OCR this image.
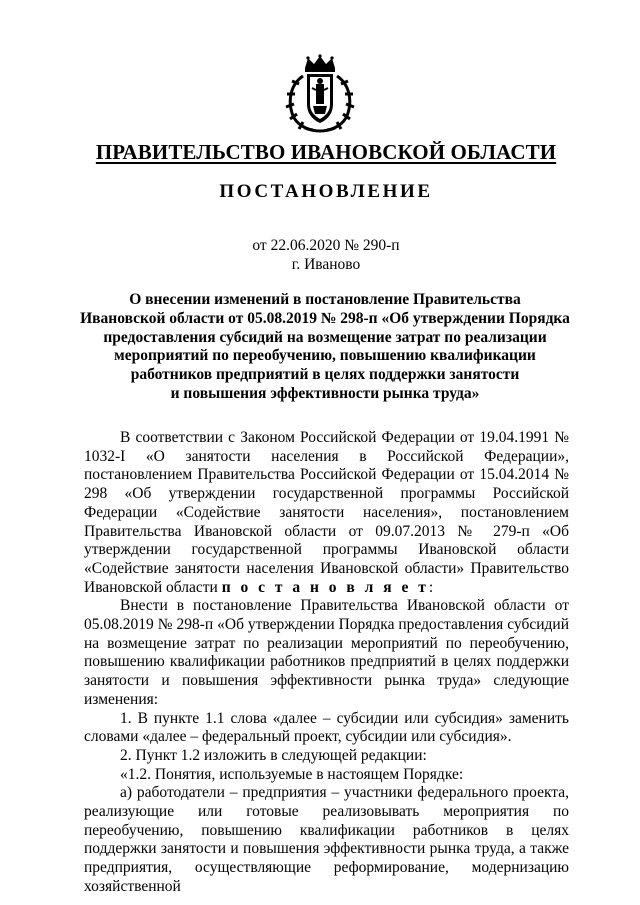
ПРАВИТЕЛЬСТВО ИВАНОВСКОЙ ОБЛАСТИ
ПОСТАНОВЛЕНИЕ
от 22.06.2020 № 290-п
г. Иваново
О внесении изменений в постановление Правительства
Ивановской области от 05.08.2019 № 298-п «Об утверждении Порядка
предоставления субсидий на возмещение затрат по реализации
мероприятий по переобучению, повышению квалификации
работников предприятий в целях поддержки занятости
и повышения эффективности рынка труда»

В соответствии с Законом Российской Федерации от 19.04.1991 № 1032-I «О занятости населения в Российской Федерации», постановлением Правительства Российской Федерации от 15.04.2014 № 298 «Об утверждении государственной программы Российской Федерации «Содействие занятости населения», постановлением Правительства Ивановской области от 09.07.2013 № 279-п «Об утверждении государственной программы Ивановской области «Содействие занятости населения Ивановской области» Правительство Ивановской области п о с т а н о в л я е т:

Внести в постановление Правительства Ивановской области от 05.08.2019 № 298-п «Об утверждении Порядка предоставления субсидий на возмещение затрат по реализации мероприятий по переобучению, повышению квалификации работников предприятий в целях поддержки занятости и повышения эффективности рынка труда» следующие изменения:

1. В пункте 1.1 слова «далее – субсидии или субсидия» заменить словами «далее – федеральный проект, субсидии или субсидия».

2. Пункт 1.2 изложить в следующей редакции:

«1.2. Понятия, используемые в настоящем Порядке:

а) работодатели – предприятия – участники федерального проекта, реализующие или готовые реализовывать мероприятия по переобучению, повышению квалификации работников в целях поддержки занятости и повышения эффективности рынка труда, а также предприятия, осуществляющие реформирование, модернизацию хозяйственной
